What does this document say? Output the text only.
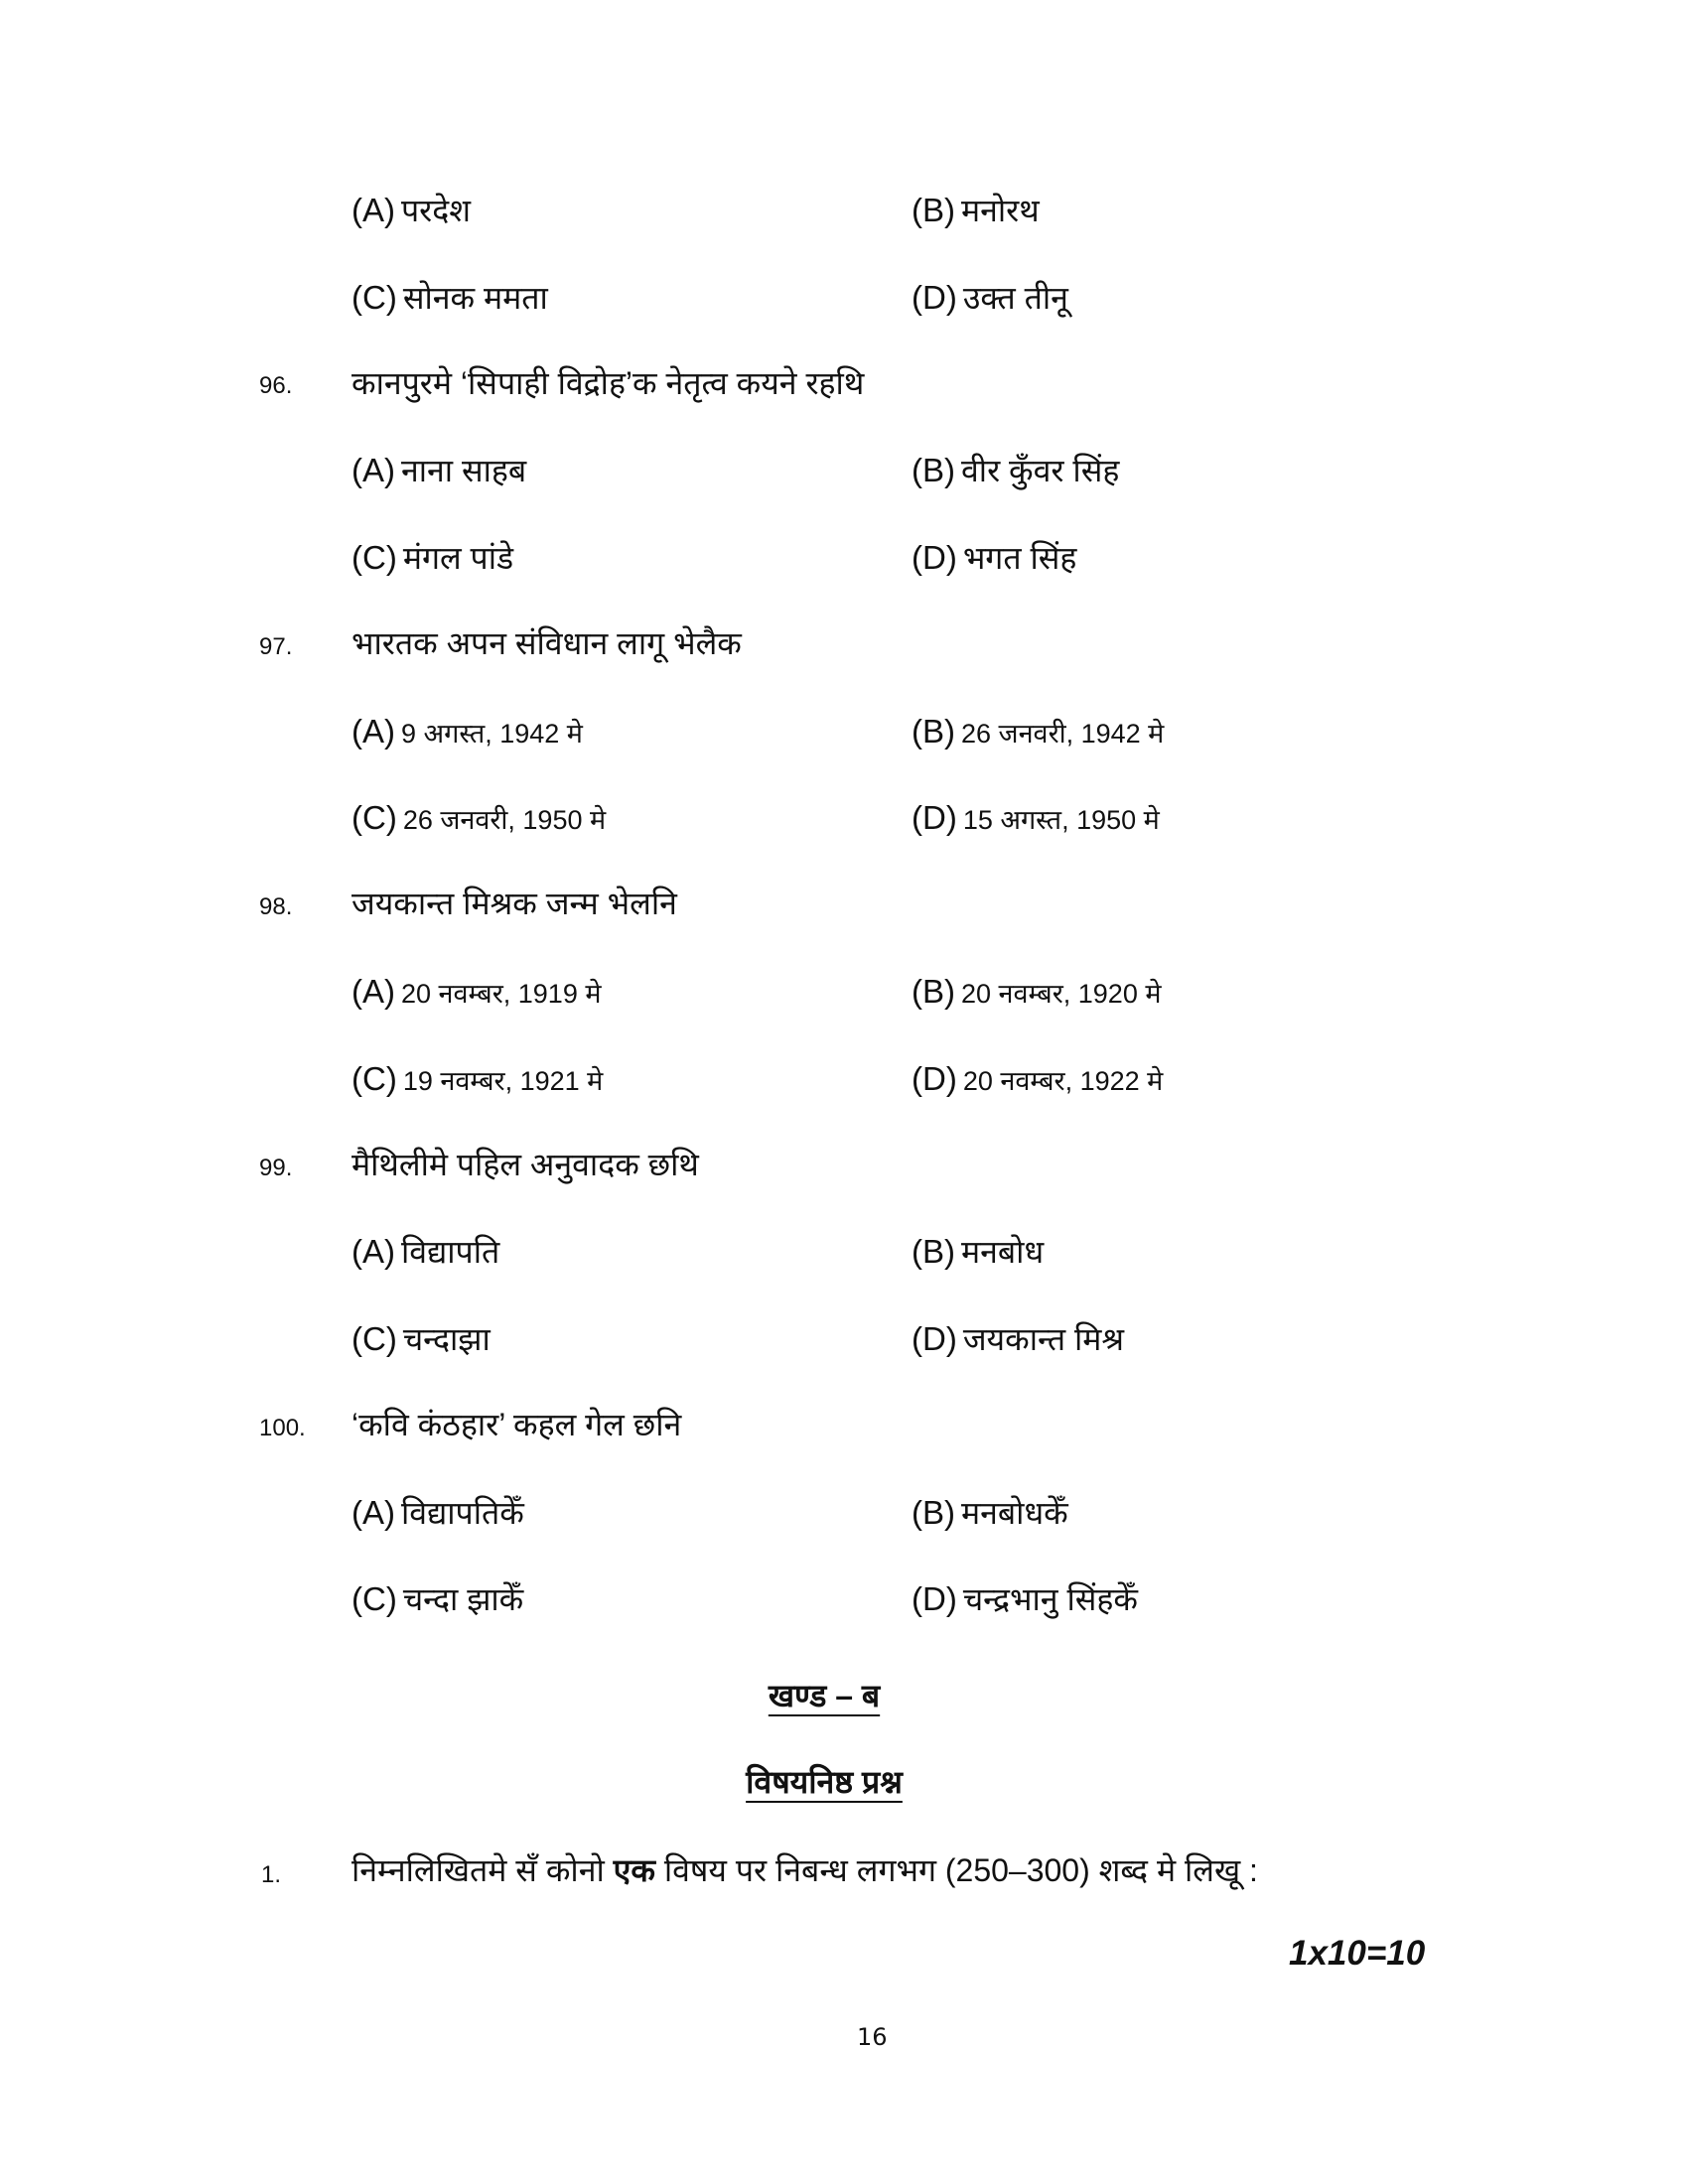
(A) परदेश	(B) मनोरथ
(C) सोनक ममता	(D) उक्त तीनू
96. कानपुरमे ‘सिपाही विद्रोह’क नेतृत्व कयने रहथि
(A) नाना साहब	(B) वीर कुँवर सिंह
(C) मंगल पांडे	(D) भगत सिंह
97. भारतक अपन संविधान लागू भेलैक
(A) 9 अगस्त, 1942 मे	(B) 26 जनवरी, 1942 मे
(C) 26 जनवरी, 1950 मे	(D) 15 अगस्त, 1950 मे
98. जयकान्त मिश्रक जन्म भेलनि
(A) 20 नवम्बर, 1919 मे	(B) 20 नवम्बर, 1920 मे
(C) 19 नवम्बर, 1921 मे	(D) 20 नवम्बर, 1922 मे
99. मैथिलीमे पहिल अनुवादक छथि
(A) विद्यापति	(B) मनबोध
(C) चन्दाझा	(D) जयकान्त मिश्र
100. ‘कवि कंठहार’ कहल गेल छनि
(A) विद्यापतिकेँ	(B) मनबोधकेँ
(C) चन्दा झाकेँ	(D) चन्द्रभानु सिंहकेँ
खण्ड – ब
विषयनिष्ठ प्रश्न
1. निम्नलिखितमे सँ कोनो एक विषय पर निबन्ध लगभग (250–300) शब्द मे लिखू :
1x10=10
16
